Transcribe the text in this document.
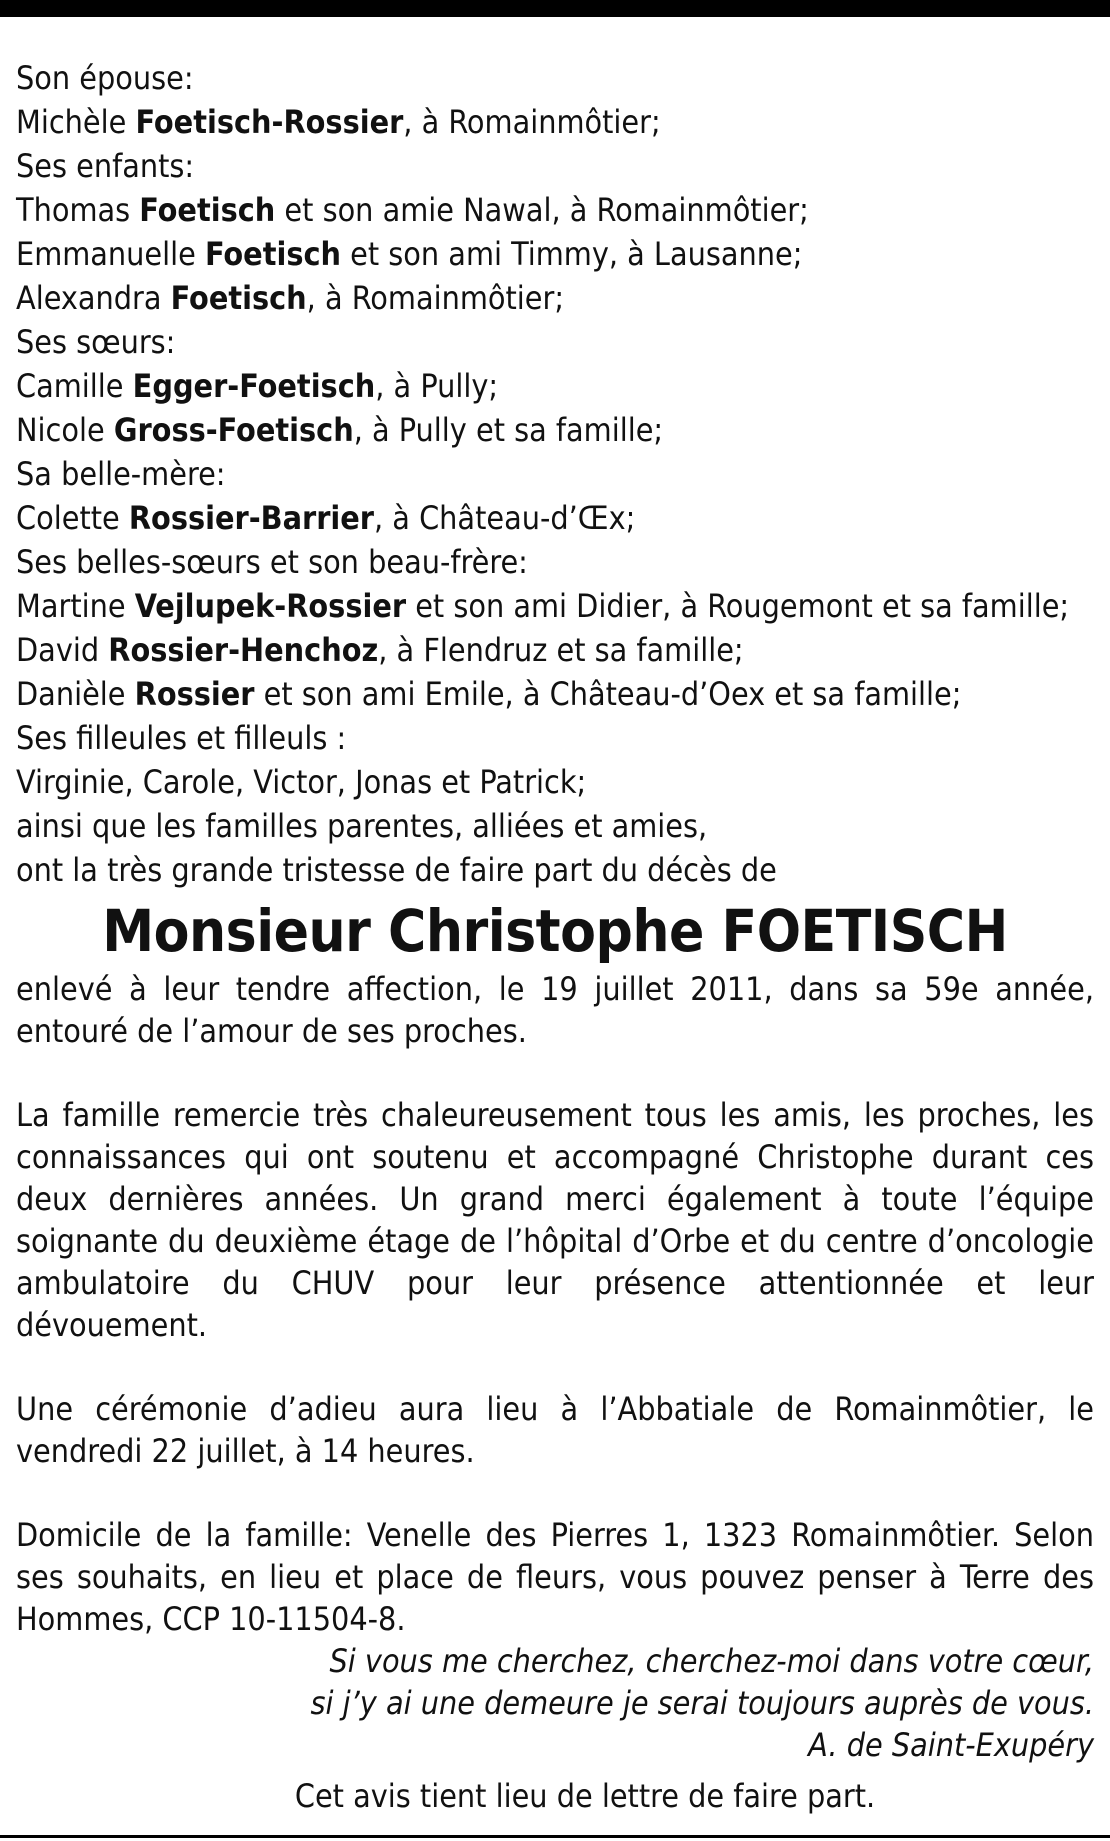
Son épouse:
Michèle Foetisch-Rossier, à Romainmôtier;
Ses enfants:
Thomas Foetisch et son amie Nawal, à Romainmôtier;
Emmanuelle Foetisch et son ami Timmy, à Lausanne;
Alexandra Foetisch, à Romainmôtier;
Ses sœurs:
Camille Egger-Foetisch, à Pully;
Nicole Gross-Foetisch, à Pully et sa famille;
Sa belle-mère:
Colette Rossier-Barrier, à Château-d’Œx;
Ses belles-sœurs et son beau-frère:
Martine Vejlupek-Rossier et son ami Didier, à Rougemont et sa famille;
David Rossier-Henchoz, à Flendruz et sa famille;
Danièle Rossier et son ami Emile, à Château-d’Oex et sa famille;
Ses filleules et filleuls :
Virginie, Carole, Victor, Jonas et Patrick;
ainsi que les familles parentes, alliées et amies,
ont la très grande tristesse de faire part du décès de
Monsieur Christophe FOETISCH
enlevé à leur tendre affection, le 19 juillet 2011, dans sa 59e année, entouré de l’amour de ses proches.
La famille remercie très chaleureusement tous les amis, les proches, les connaissances qui ont soutenu et accompagné Christophe durant ces deux dernières années. Un grand merci également à toute l’équipe soignante du deuxième étage de l’hôpital d’Orbe et du centre d’oncologie ambulatoire du CHUV pour leur présence attentionnée et leur dévouement.
Une cérémonie d’adieu aura lieu à l’Abbatiale de Romainmôtier, le vendredi 22 juillet, à 14 heures.
Domicile de la famille: Venelle des Pierres 1, 1323 Romainmôtier. Selon ses souhaits, en lieu et place de fleurs, vous pouvez penser à Terre des Hommes, CCP 10-11504-8.
Si vous me cherchez, cherchez-moi dans votre cœur,
si j’y ai une demeure je serai toujours auprès de vous.
A. de Saint-Exupéry
Cet avis tient lieu de lettre de faire part.
